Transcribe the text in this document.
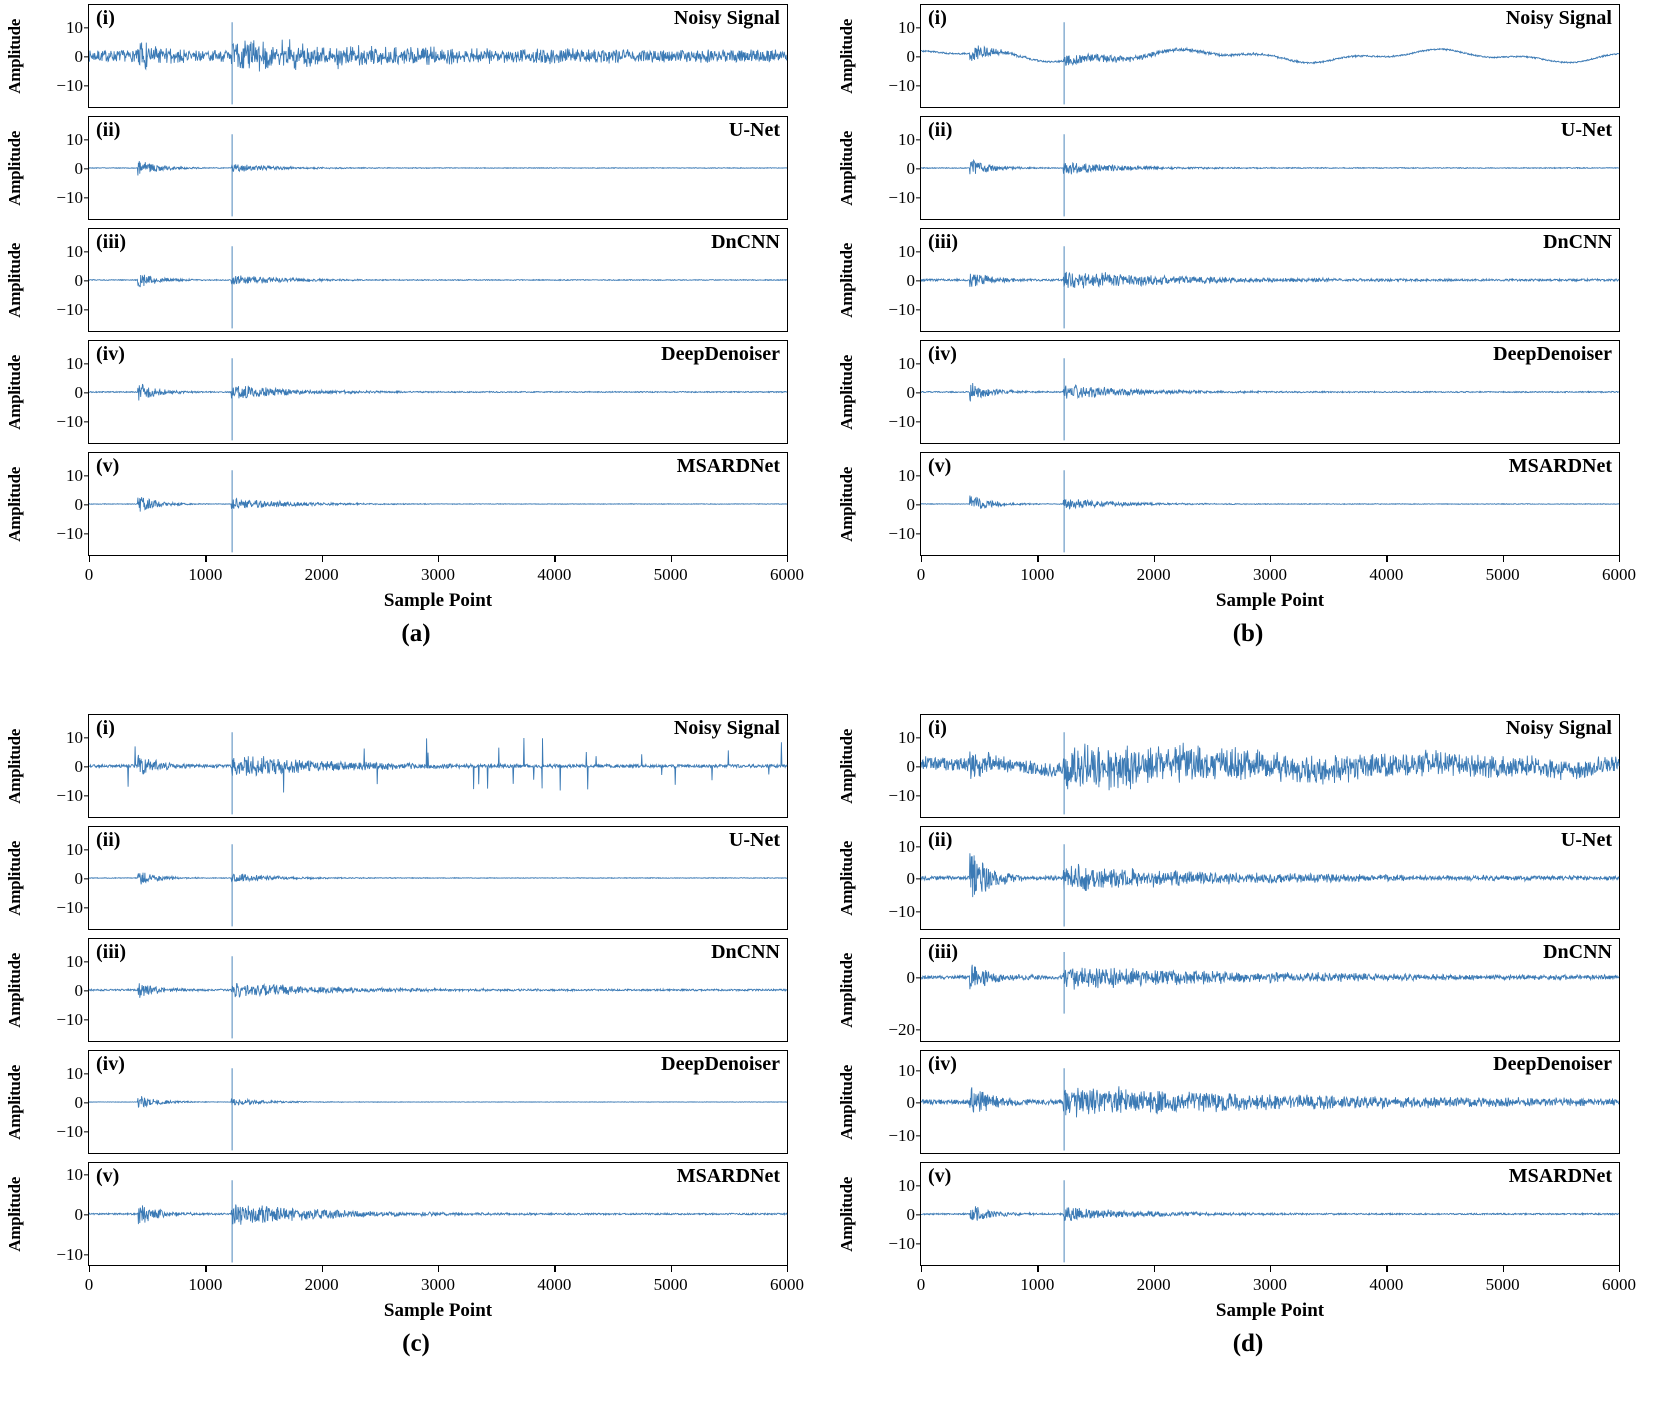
Amplitude
Amplitude
Amplitude
Amplitude
Amplitude
(i)	Noisy Signal
−10
0
10
(ii)	U-Net
−10
0
10
(iii)	DnCNN
−10
0
10
(iv)	DeepDenoiser
−10
0
10
(v)	MSARDNet
−10
0
10
0	1000	2000	3000	4000	5000	6000
Sample Point
(a)
Amplitude
Amplitude
Amplitude
Amplitude
Amplitude
(i)	Noisy Signal
−10
0
10
(ii)	U-Net
−10
0
10
(iii)	DnCNN
−10
0
10
(iv)	DeepDenoiser
−10
0
10
(v)	MSARDNet
−10
0
10
0	1000	2000	3000	4000	5000	6000
Sample Point
(b)
Amplitude
Amplitude
Amplitude
Amplitude
Amplitude
(i)	Noisy Signal
−10
0
10
(ii)	U-Net
−10
0
10
(iii)	DnCNN
−10
0
10
(iv)	DeepDenoiser
−10
0
10
(v)	MSARDNet
−10
0
10
0	1000	2000	3000	4000	5000	6000
Sample Point
(c)
Amplitude
Amplitude
Amplitude
Amplitude
Amplitude
(i)	Noisy Signal
−10
0
10
(ii)	U-Net
−10
0
10
(iii)	DnCNN
−20
0
(iv)	DeepDenoiser
−10
0
10
(v)	MSARDNet
−10
0
10
0	1000	2000	3000	4000	5000	6000
Sample Point
(d)
